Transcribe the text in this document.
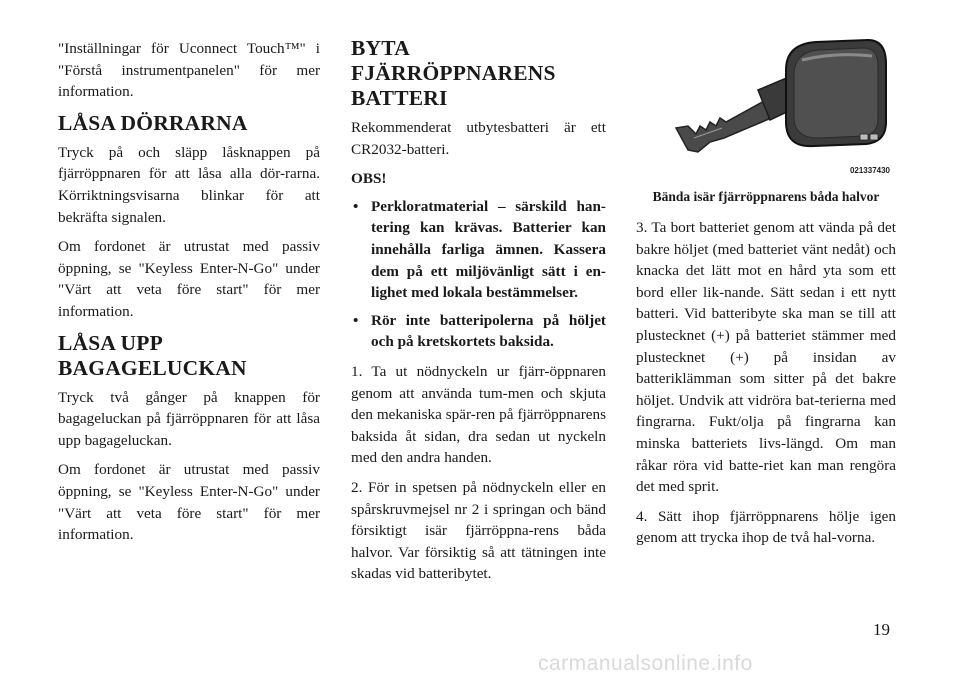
"Inställningar för Uconnect Touch™" i "Förstå instrumentpanelen" för mer information.

LÅSA DÖRRARNA

Tryck på och släpp låsknappen på fjärröppnaren för att låsa alla dör-rarna. Körriktningsvisarna blinkar för att bekräfta signalen.

Om fordonet är utrustat med passiv öppning, se "Keyless Enter-N-Go" under "Värt att veta före start" för mer information.

LÅSA UPP
BAGAGELUCKAN

Tryck två gånger på knappen för bagageluckan på fjärröppnaren för att låsa upp bagageluckan.

Om fordonet är utrustat med passiv öppning, se "Keyless Enter-N-Go" under "Värt att veta före start" för mer information.

BYTA FJÄRRÖPPNARENS
BATTERI

Rekommenderat utbytesbatteri är ett CR2032-batteri.

OBS!

• Perkloratmaterial – särskild han-tering kan krävas. Batterier kan innehålla farliga ämnen. Kassera dem på ett miljövänligt sätt i en-lighet med lokala bestämmelser.
• Rör inte batteripolerna på höljet och på kretskortets baksida.

1. Ta ut nödnyckeln ur fjärr-öppnaren genom att använda tum-men och skjuta den mekaniska spär-ren på fjärröppnarens baksida åt sidan, dra sedan ut nyckeln med den andra handen.

2. För in spetsen på nödnyckeln eller en spårskruvmejsel nr 2 i springan och bänd försiktigt isär fjärröppna-rens båda halvor. Var försiktig så att tätningen inte skadas vid batteribytet.

021337430
Bända isär fjärröppnarens båda halvor

3. Ta bort batteriet genom att vända på det bakre höljet (med batteriet vänt nedåt) och knacka det lätt mot en hård yta som ett bord eller lik-nande. Sätt sedan i ett nytt batteri. Vid batteribyte ska man se till att plustecknet (+) på batteriet stämmer med plustecknet (+) på insidan av batteriklämman som sitter på det bakre höljet. Undvik att vidröra bat-terierna med fingrarna. Fukt/olja på fingrarna kan minska batteriets livs-längd. Om man råkar röra vid batte-riet kan man rengöra det med sprit.

4. Sätt ihop fjärröppnarens hölje igen genom att trycka ihop de två hal-vorna.

19
carmanualsonline.info
